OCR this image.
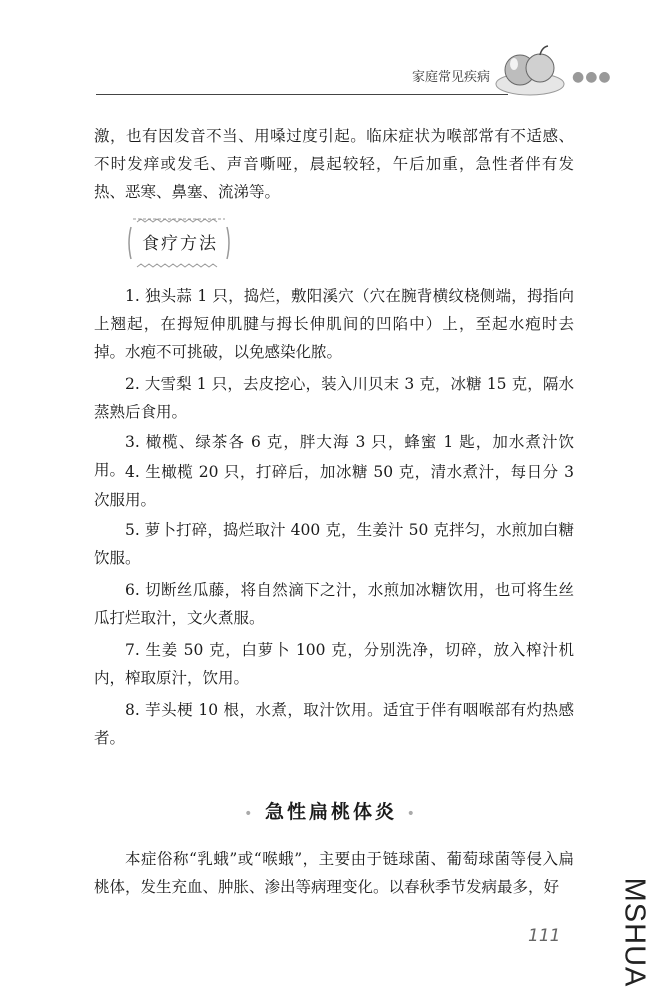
家庭常见疾病	●●●

激，也有因发音不当、用嗓过度引起。临床症状为喉部常有不适感、不时发痒或发毛、声音嘶哑，晨起较轻，午后加重，急性者伴有发热、恶寒、鼻塞、流涕等。

食疗方法

1. 独头蒜 1 只，捣烂，敷阳溪穴（穴在腕背横纹桡侧端，拇指向上翘起，在拇短伸肌腱与拇长伸肌间的凹陷中）上，至起水疱时去掉。水疱不可挑破，以免感染化脓。

2. 大雪梨 1 只，去皮挖心，装入川贝末 3 克，冰糖 15 克，隔水蒸熟后食用。

3. 橄榄、绿茶各 6 克，胖大海 3 只，蜂蜜 1 匙，加水煮汁饮用。 4. 生橄榄 20 只，打碎后，加冰糖 50 克，清水煮汁，每日分 3 次服用。

5. 萝卜打碎，捣烂取汁 400 克，生姜汁 50 克拌匀，水煎加白糖饮服。

6. 切断丝瓜藤，将自然滴下之汁，水煎加冰糖饮用，也可将生丝瓜打烂取汁，文火煮服。

7. 生姜 50 克，白萝卜 100 克，分别洗净，切碎，放入榨汁机内，榨取原汁，饮用。

8. 芋头梗 10 根，水煮，取汁饮用。适宜于伴有咽喉部有灼热感者。

• 急性扁桃体炎 •

本症俗称“乳蛾”或“喉蛾”，主要由于链球菌、葡萄球菌等侵入扁桃体，发生充血、肿胀、渗出等病理变化。以春秋季节发病最多，好

111 MSHUA
